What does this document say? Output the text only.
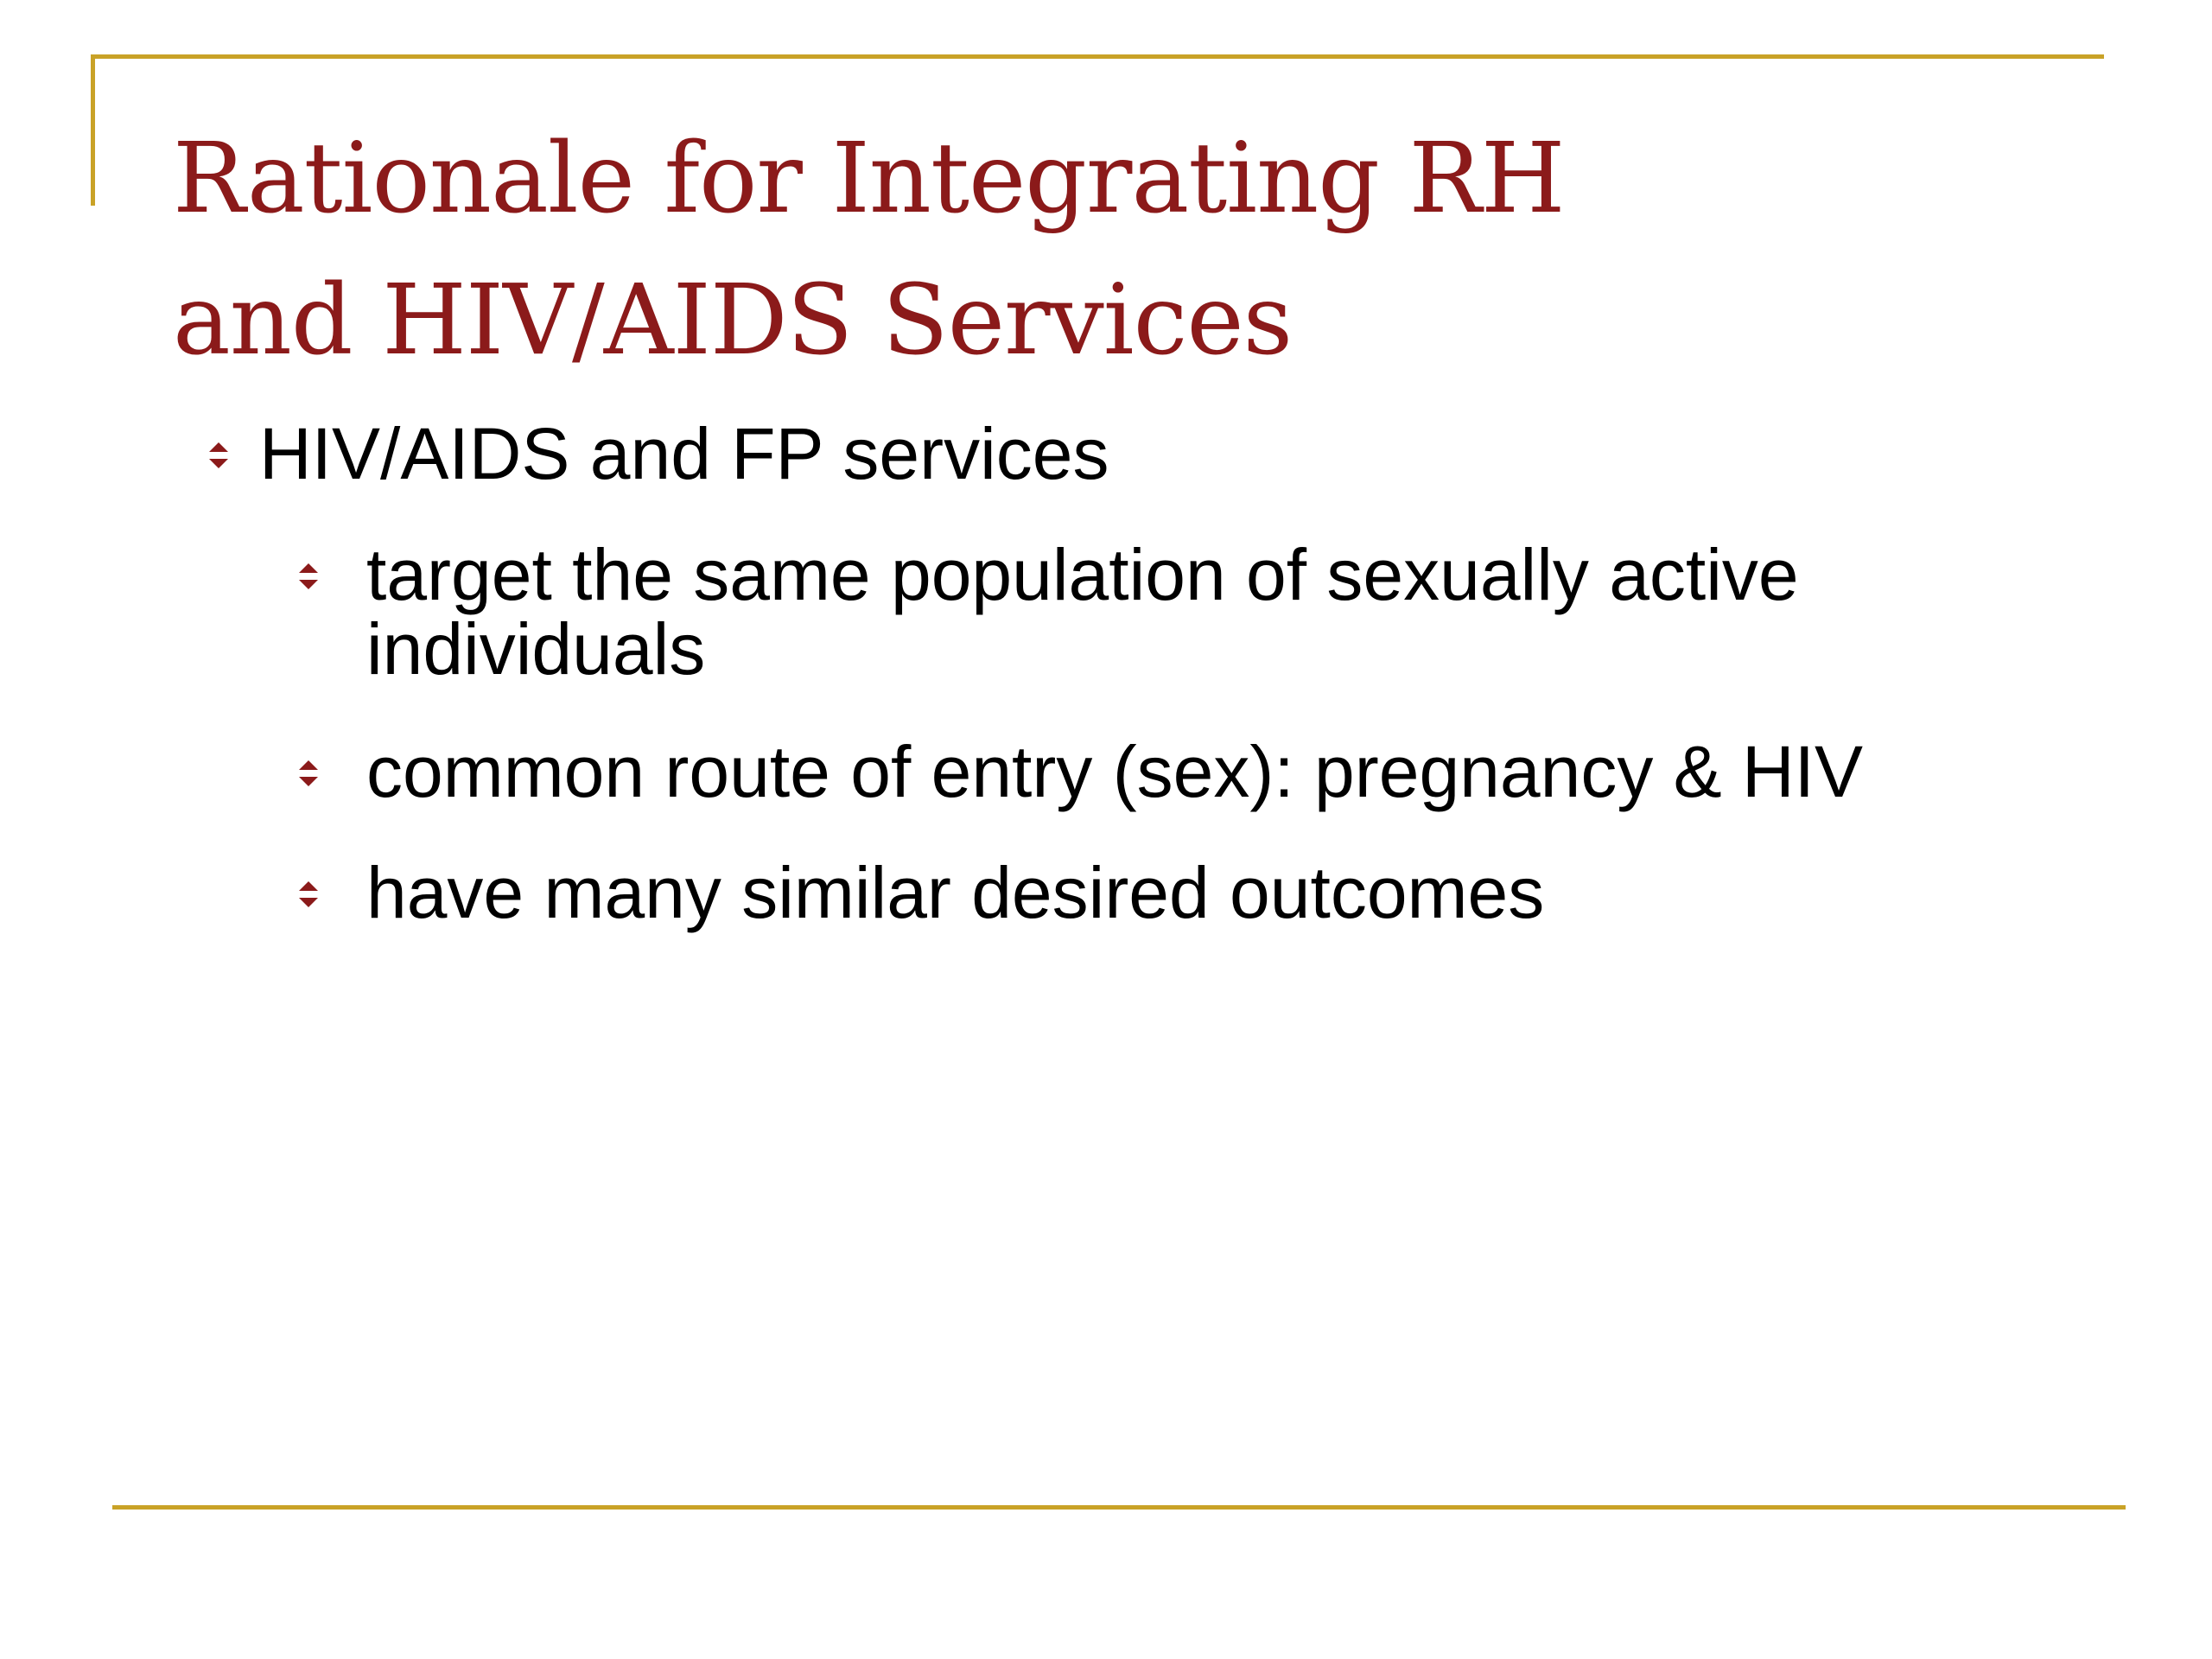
Rationale for Integrating RH
and HIV/AIDS Services
HIV/AIDS and FP services
target the same population of sexually active individuals
common route of entry (sex): pregnancy & HIV
have many similar desired outcomes
